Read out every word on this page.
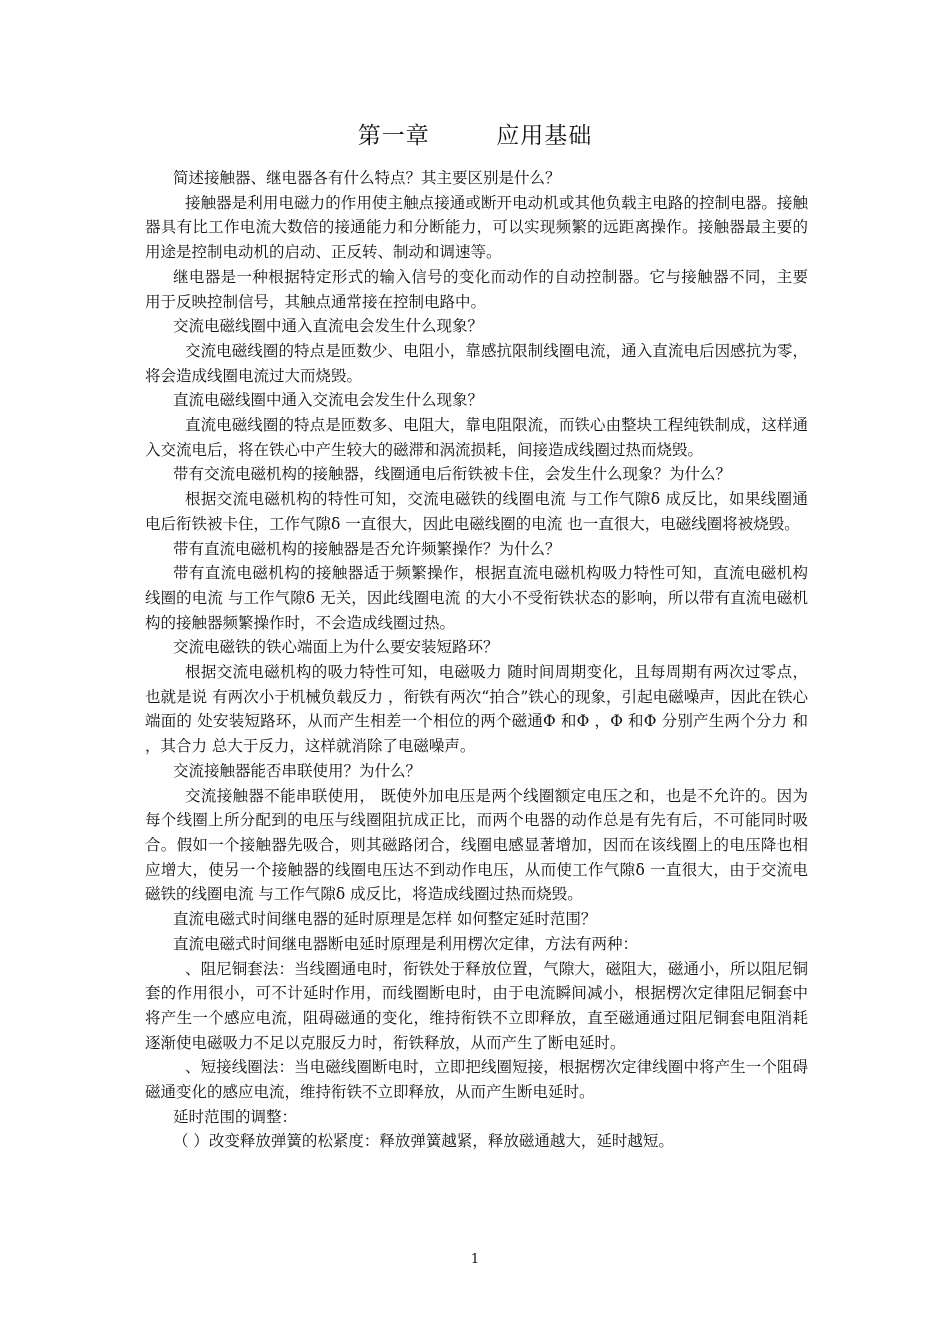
第一章        应用基础

简述接触器、继电器各有什么特点？其主要区别是什么？

接触器是利用电磁力的作用使主触点接通或断开电动机或其他负载主电路的控制电器。接触器具有比工作电流大数倍的接通能力和分断能力，可以实现频繁的远距离操作。接触器最主要的用途是控制电动机的启动、正反转、制动和调速等。

继电器是一种根据特定形式的输入信号的变化而动作的自动控制器。它与接触器不同，主要用于反映控制信号，其触点通常接在控制电路中。

交流电磁线圈中通入直流电会发生什么现象？

交流电磁线圈的特点是匝数少、电阻小，靠感抗限制线圈电流，通入直流电后因感抗为零，将会造成线圈电流过大而烧毁。

直流电磁线圈中通入交流电会发生什么现象？

直流电磁线圈的特点是匝数多、电阻大，靠电阻限流，而铁心由整块工程纯铁制成，这样通入交流电后，将在铁心中产生较大的磁滞和涡流损耗，间接造成线圈过热而烧毁。

带有交流电磁机构的接触器，线圈通电后衔铁被卡住，会发生什么现象？为什么？

根据交流电磁机构的特性可知，交流电磁铁的线圈电流 与工作气隙δ 成反比，如果线圈通电后衔铁被卡住，工作气隙δ 一直很大，因此电磁线圈的电流 也一直很大，电磁线圈将被烧毁。

带有直流电磁机构的接触器是否允许频繁操作？为什么？

带有直流电磁机构的接触器适于频繁操作，根据直流电磁机构吸力特性可知，直流电磁机构线圈的电流 与工作气隙δ 无关，因此线圈电流 的大小不受衔铁状态的影响，所以带有直流电磁机构的接触器频繁操作时，不会造成线圈过热。

交流电磁铁的铁心端面上为什么要安装短路环？

根据交流电磁机构的吸力特性可知，电磁吸力 随时间周期变化，且每周期有两次过零点，也就是说 有两次小于机械负载反力 ，衔铁有两次“拍合”铁心的现象，引起电磁噪声，因此在铁心端面的 处安装短路环，从而产生相差一个相位的两个磁通Φ 和Φ ，Φ 和Φ 分别产生两个分力 和 ，其合力 总大于反力，这样就消除了电磁噪声。

交流接触器能否串联使用？为什么？

交流接触器不能串联使用， 既使外加电压是两个线圈额定电压之和，也是不允许的。因为每个线圈上所分配到的电压与线圈阻抗成正比，而两个电器的动作总是有先有后，不可能同时吸合。假如一个接触器先吸合，则其磁路闭合，线圈电感显著增加，因而在该线圈上的电压降也相应增大，使另一个接触器的线圈电压达不到动作电压，从而使工作气隙δ 一直很大，由于交流电磁铁的线圈电流 与工作气隙δ 成反比，将造成线圈过热而烧毁。

直流电磁式时间继电器的延时原理是怎样 如何整定延时范围？

直流电磁式时间继电器断电延时原理是利用楞次定律，方法有两种：

、阻尼铜套法：当线圈通电时，衔铁处于释放位置，气隙大，磁阻大，磁通小，所以阻尼铜套的作用很小，可不计延时作用，而线圈断电时，由于电流瞬间减小，根据楞次定律阻尼铜套中将产生一个感应电流，阻碍磁通的变化，维持衔铁不立即释放，直至磁通通过阻尼铜套电阻消耗逐渐使电磁吸力不足以克服反力时，衔铁释放，从而产生了断电延时。

、短接线圈法：当电磁线圈断电时，立即把线圈短接，根据楞次定律线圈中将产生一个阻碍磁通变化的感应电流，维持衔铁不立即释放，从而产生断电延时。

延时范围的调整：

（ ）改变释放弹簧的松紧度：释放弹簧越紧，释放磁通越大，延时越短。

1
